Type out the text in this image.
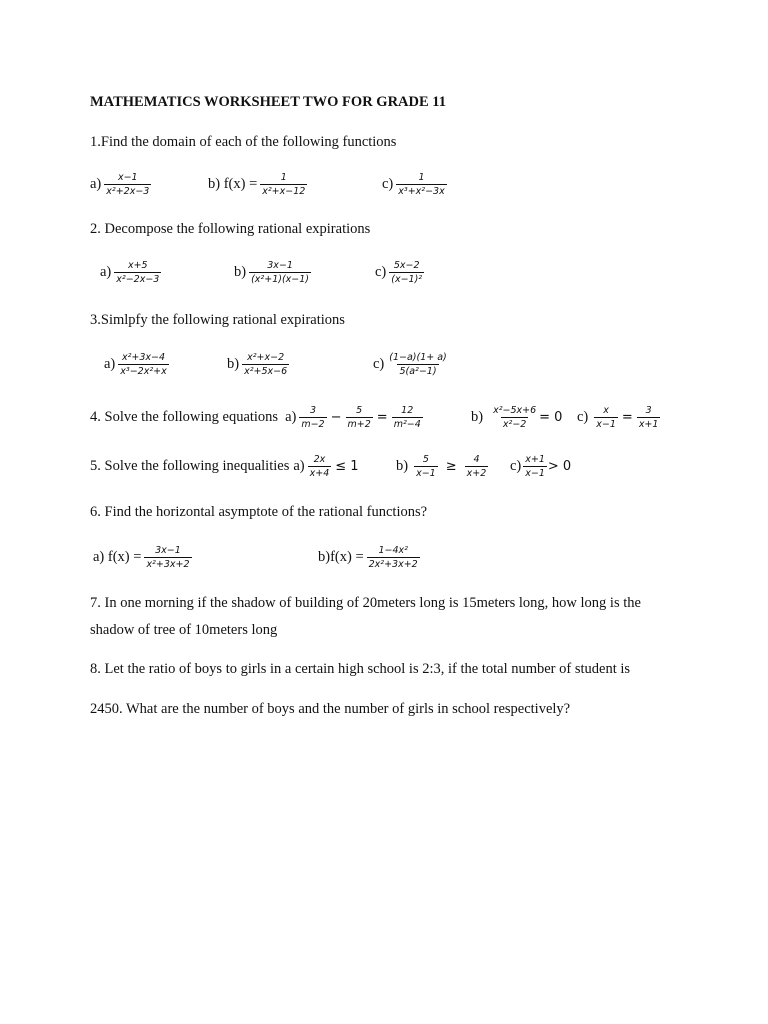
MATHEMATICS WORKSHEET TWO FOR GRADE 11
1.Find the domain of each of the following functions
$a) \frac{x-1}{\text{x²+2x−3}}$	b) $f(x) = \frac{1}{\text{x²+x−12}}$	$c) \frac{1}{\text{x³+x²−3x}}$
2. Decompose the following rational expirations
$a) \frac{x+5}{\text{x²−2x−3}}$	$b) \frac{3x-1}{\text{(x²+1)(x−1)}}$	$c) \frac{5x-2}{\text{(x−1)²}}$
3.Simlpfy the following rational expirations
$a) \frac{\text{x²+3x−4}}{\text{x³−2x²+x}}$	$b) \frac{\text{x²+x−2}}{\text{x²+5x−6}}$	$c) \frac{(1-a)(1+ a)}{\text{5(a²−1)}}$
4. Solve the following equations $a) \frac{3}{m-2} - \frac{5}{m+2} = \frac{12}{\text{m²−4}}$	$b) \frac{\text{x²−5x+6}}{\text{x²−2}} = 0$ $c) \frac{x}{x-1} = \frac{3}{x+1}$
5. Solve the following inequalities $a) \frac{2x}{x+4} \le 1$	$b) \frac{5}{x-1} \ge \frac{4}{x+2} c) \frac{x+1}{x-1} > 0$
6. Find the horizontal asymptote of the rational functions?
a) $f(x) = \frac{3x-1}{\text{x²+3x+2}}$	$b)f(x) = \frac{\text{1−4x²}}{\text{2x²+3x+2}}$
7. In one morning if the shadow of building of 20meters long is 15meters long, how long is the
shadow of tree of 10meters long
8. Let the ratio of boys to girls in a certain high school is 2:3, if the total number of student is
2450. What are the number of boys and the number of girls in school respectively?
